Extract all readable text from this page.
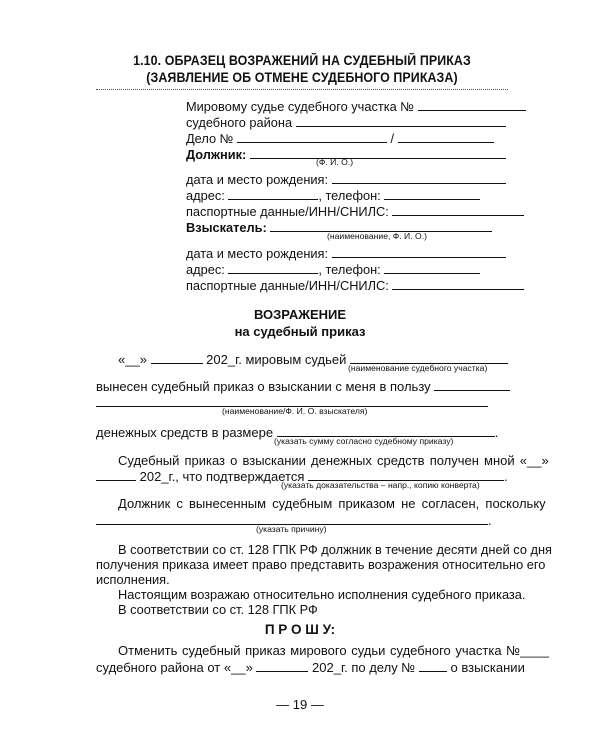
1.10. ОБРАЗЕЦ ВОЗРАЖЕНИЙ НА СУДЕБНЫЙ ПРИКАЗ
(ЗАЯВЛЕНИЕ ОБ ОТМЕНЕ СУДЕБНОГО ПРИКАЗА)
Мировому судье судебного участка №
судебного района
Дело №	/
Должник:	(Ф. И. О.)
дата и место рождения:
адрес:	, телефон:
паспортные данные/ИНН/СНИЛС:
Взыскатель:
(наименование, Ф. И. О.)
дата и место рождения:
адрес:	, телефон:
паспортные данные/ИНН/СНИЛС:
ВОЗРАЖЕНИЕ
на судебный приказ
«__»	202_г. мировым судьей
(наименование судебного участка)
вынесен судебный приказ о взыскании с меня в пользу
(наименование/Ф. И. О. взыскателя)
денежных средств в размере	.
(указать сумму согласно судебному приказу)
Судебный приказ о взыскании денежных средств получен мной «__»
202_г., что подтверждается	.
(указать доказательства – напр., копию конверта)
Должник с вынесенным судебным приказом не согласен, поскольку
.
(указать причину)
В соответствии со ст. 128 ГПК РФ должник в течение десяти дней со дня
получения приказа имеет право представить возражения относительно его
исполнения.
Настоящим возражаю относительно исполнения судебного приказа.
В соответствии со ст. 128 ГПК РФ
П Р О Ш У:
Отменить судебный приказ мирового судьи судебного участка №____
судебного района от «__»	202_г. по делу №	о взыскании
— 19 —
